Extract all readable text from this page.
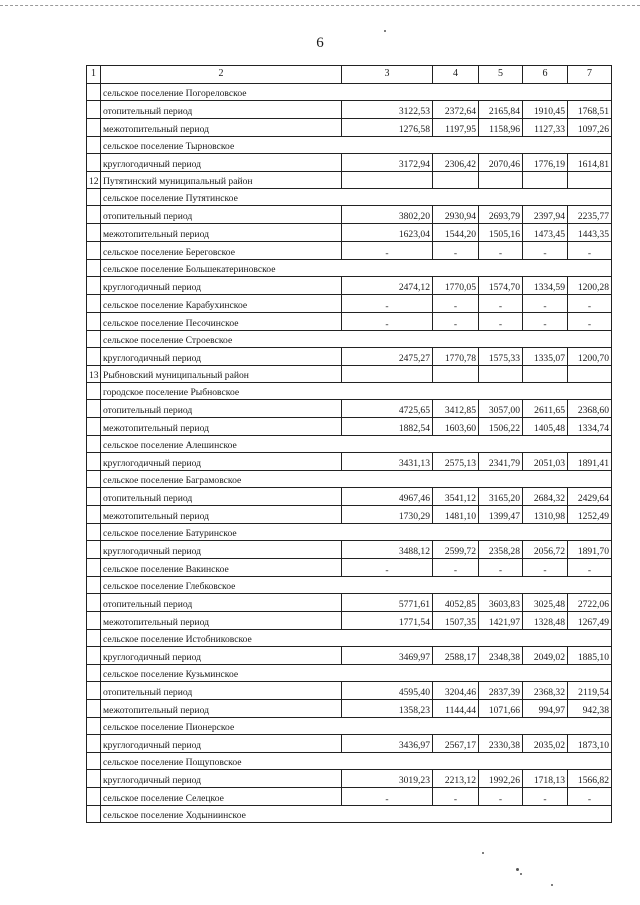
6
1	2	3	4	5	6	7
	сельское поселение Погореловское					
	отопительный период	3122,53	2372,64	2165,84	1910,45	1768,51
	межотопительный период	1276,58	1197,95	1158,96	1127,33	1097,26
	сельское поселение Тырновское					
	круглогодичный период	3172,94	2306,42	2070,46	1776,19	1614,81
12	Путятинский муниципальный район					
	сельское поселение Путятинское					
	отопительный период	3802,20	2930,94	2693,79	2397,94	2235,77
	межотопительный период	1623,04	1544,20	1505,16	1473,45	1443,35
	сельское поселение Береговское	-	-	-	-	-
	сельское поселение Большекатериновское					
	круглогодичный период	2474,12	1770,05	1574,70	1334,59	1200,28
	сельское поселение Карабухинское	-	-	-	-	-
	сельское поселение Песочинское	-	-	-	-	-
	сельское поселение Строевское					
	круглогодичный период	2475,27	1770,78	1575,33	1335,07	1200,70
13	Рыбновский муниципальный район					
	городское поселение Рыбновское					
	отопительный период	4725,65	3412,85	3057,00	2611,65	2368,60
	межотопительный период	1882,54	1603,60	1506,22	1405,48	1334,74
	сельское поселение Алешинское					
	круглогодичный период	3431,13	2575,13	2341,79	2051,03	1891,41
	сельское поселение Баграмовское					
	отопительный период	4967,46	3541,12	3165,20	2684,32	2429,64
	межотопительный период	1730,29	1481,10	1399,47	1310,98	1252,49
	сельское поселение Батуринское					
	круглогодичный период	3488,12	2599,72	2358,28	2056,72	1891,70
	сельское поселение Вакинское	-	-	-	-	-
	сельское поселение Глебковское					
	отопительный период	5771,61	4052,85	3603,83	3025,48	2722,06
	межотопительный период	1771,54	1507,35	1421,97	1328,48	1267,49
	сельское поселение Истобниковское					
	круглогодичный период	3469,97	2588,17	2348,38	2049,02	1885,10
	сельское поселение Кузьминское					
	отопительный период	4595,40	3204,46	2837,39	2368,32	2119,54
	межотопительный период	1358,23	1144,44	1071,66	994,97	942,38
	сельское поселение Пионерское					
	круглогодичный период	3436,97	2567,17	2330,38	2035,02	1873,10
	сельское поселение Пощуповское					
	круглогодичный период	3019,23	2213,12	1992,26	1718,13	1566,82
	сельское поселение Селецкое	-	-	-	-	-
	сельское поселение Ходыниинское					
